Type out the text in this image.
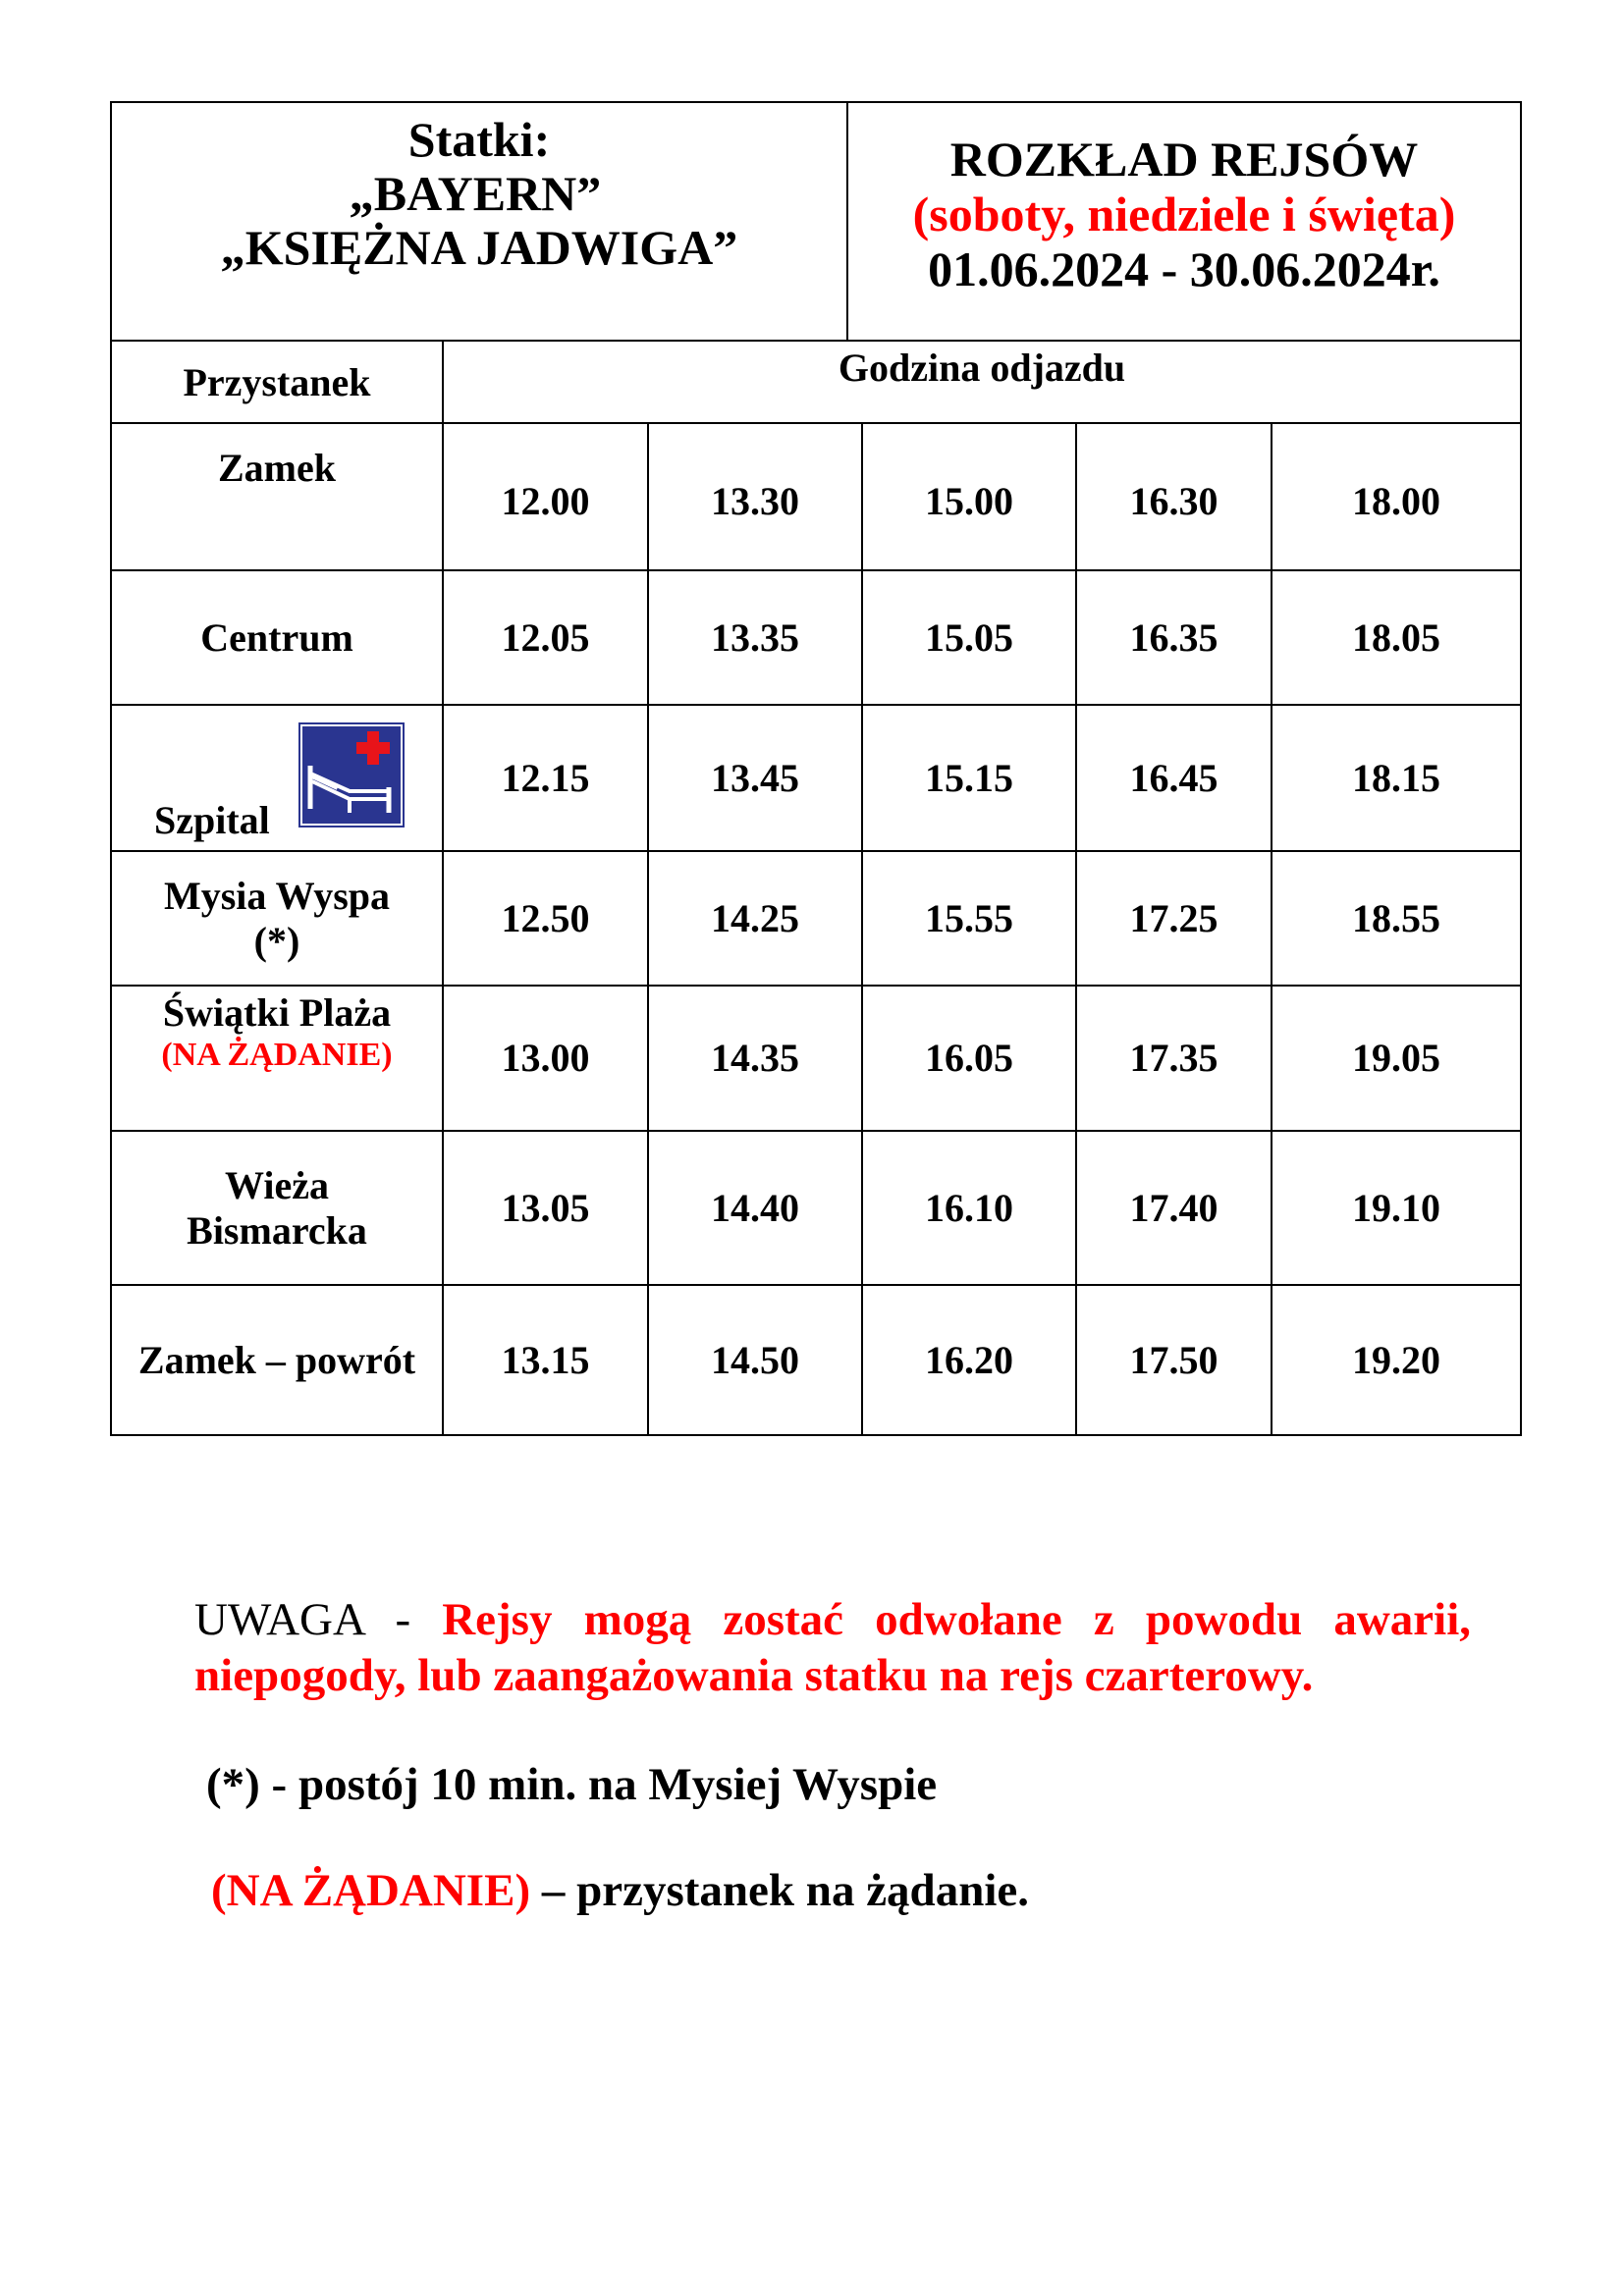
Statki:
„BAYERN”
„KSIĘŻNA JADWIGA”
ROZKŁAD REJSÓW
(soboty, niedziele i święta)
01.06.2024 - 30.06.2024r.
Przystanek	Godzina odjazdu
Zamek	12.00	13.30	15.00	16.30	18.00
Centrum	12.05	13.35	15.05	16.35	18.05

Szpital	12.15	13.45	15.15	16.45	18.15

Mysia Wyspa
(*)	12.50	14.25	15.55	17.25	18.55

Świątki Plaża
(NA ŻĄDANIE)	13.00	14.35	16.05	17.35	19.05

Wieża
Bismarcka	13.05	14.40	16.10	17.40	19.10
Zamek – powrót	13.15	14.50	16.20	17.50	19.20
UWAGA - Rejsy mogą zostać odwołane z powodu awarii,
niepogody, lub zaangażowania statku na rejs czarterowy.
(*) - postój 10 min. na Mysiej Wyspie
(NA ŻĄDANIE) – przystanek na żądanie.
